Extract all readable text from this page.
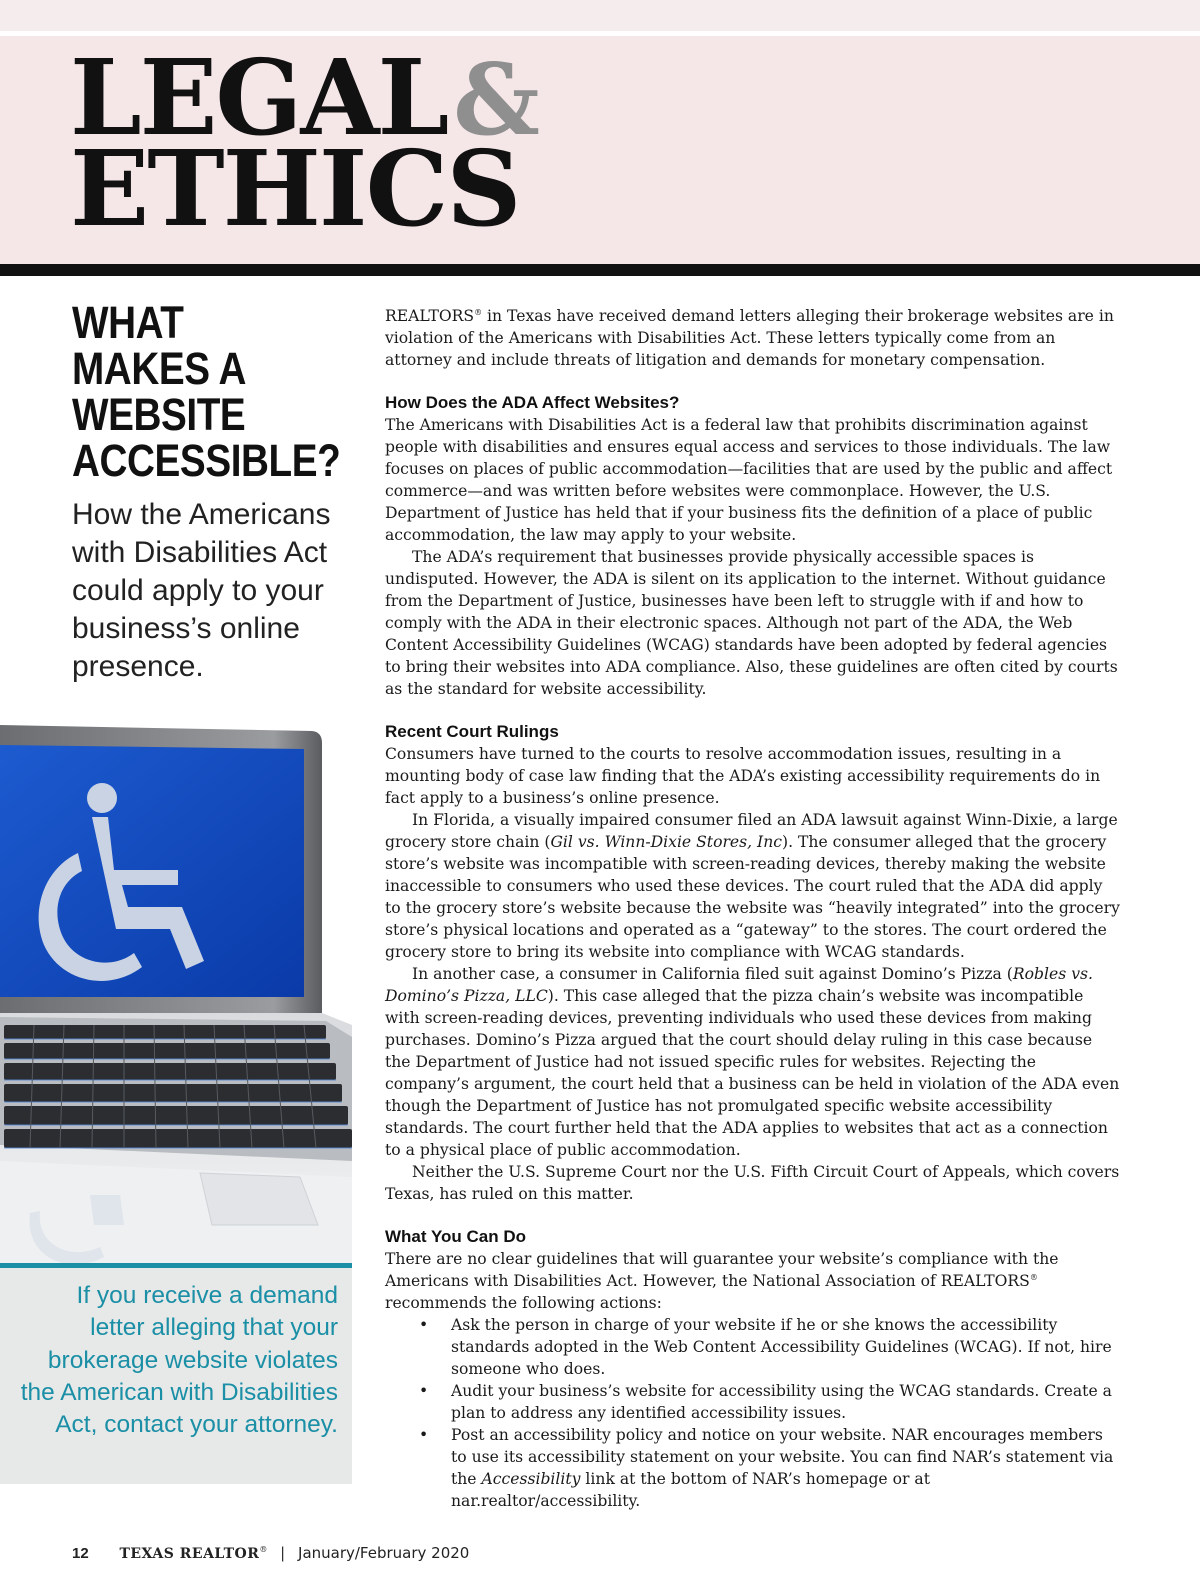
LEGAL&
ETHICS
WHAT
MAKES A
WEBSITE
ACCESSIBLE?

How the Americans with Disabilities Act could apply to your business’s online presence.

If you receive a demand letter alleging that your brokerage website violates the American with Disabilities Act, contact your attorney.

REALTORS® in Texas have received demand letters alleging their brokerage websites are in violation of the Americans with Disabilities Act. These letters typically come from an attorney and include threats of litigation and demands for monetary compensation.

How Does the ADA Affect Websites?

The Americans with Disabilities Act is a federal law that prohibits discrimination against people with disabilities and ensures equal access and services to those individuals. The law focuses on places of public accommodation—facilities that are used by the public and affect commerce—and was written before websites were commonplace. However, the U.S. Department of Justice has held that if your business fits the definition of a place of public accommodation, the law may apply to your website.

The ADA’s requirement that businesses provide physically accessible spaces is undisputed. However, the ADA is silent on its application to the internet. Without guidance from the Department of Justice, businesses have been left to struggle with if and how to comply with the ADA in their electronic spaces. Although not part of the ADA, the Web Content Accessibility Guidelines (WCAG) standards have been adopted by federal agencies to bring their websites into ADA compliance. Also, these guidelines are often cited by courts as the standard for website accessibility.

Recent Court Rulings

Consumers have turned to the courts to resolve accommodation issues, resulting in a mounting body of case law finding that the ADA’s existing accessibility requirements do in fact apply to a business’s online presence.

In Florida, a visually impaired consumer filed an ADA lawsuit against Winn-Dixie, a large grocery store chain (Gil vs. Winn-Dixie Stores, Inc). The consumer alleged that the grocery store’s website was incompatible with screen-reading devices, thereby making the website inaccessible to consumers who used these devices. The court ruled that the ADA did apply to the grocery store’s website because the website was “heavily integrated” into the grocery store’s physical locations and operated as a “gateway” to the stores. The court ordered the grocery store to bring its website into compliance with WCAG standards.

In another case, a consumer in California filed suit against Domino’s Pizza (Robles vs. Domino’s Pizza, LLC). This case alleged that the pizza chain’s website was incompatible with screen-reading devices, preventing individuals who used these devices from making purchases. Domino’s Pizza argued that the court should delay ruling in this case because the Department of Justice had not issued specific rules for websites. Rejecting the company’s argument, the court held that a business can be held in violation of the ADA even though the Department of Justice has not promulgated specific website accessibility standards. The court further held that the ADA applies to websites that act as a connection to a physical place of public accommodation.

Neither the U.S. Supreme Court nor the U.S. Fifth Circuit Court of Appeals, which covers Texas, has ruled on this matter.

What You Can Do

There are no clear guidelines that will guarantee your website’s compliance with the Americans with Disabilities Act. However, the National Association of REALTORS® recommends the following actions:

• Ask the person in charge of your website if he or she knows the accessibility standards adopted in the Web Content Accessibility Guidelines (WCAG). If not, hire someone who does.
• Audit your business’s website for accessibility using the WCAG standards. Create a plan to address any identified accessibility issues.
• Post an accessibility policy and notice on your website. NAR encourages members to use its accessibility statement on your website. You can find NAR’s statement via the Accessibility link at the bottom of NAR’s homepage or at nar.realtor/accessibility.
12 TEXAS REALTOR® | January/February 2020
